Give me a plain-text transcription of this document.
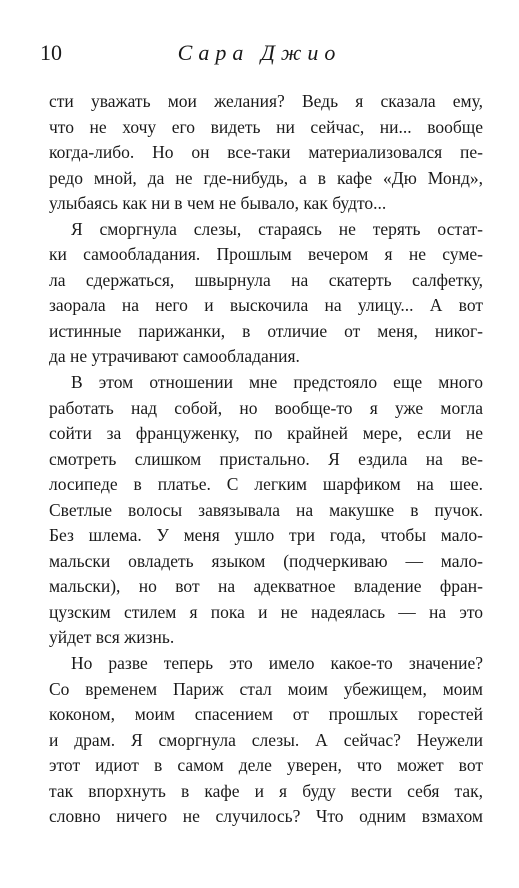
10	Сара Джио
сти уважать мои желания? Ведь я сказала ему,
что не хочу его видеть ни сейчас, ни... вообще
когда-либо. Но он все-таки материализовался пе-
редо мной, да не где-нибудь, а в кафе «Дю Монд»,
улыбаясь как ни в чем не бывало, как будто...
Я сморгнула слезы, стараясь не терять остат-
ки самообладания. Прошлым вечером я не суме-
ла сдержаться, швырнула на скатерть салфетку,
заорала на него и выскочила на улицу... А вот
истинные парижанки, в отличие от меня, никог-
да не утрачивают самообладания.
В этом отношении мне предстояло еще много
работать над собой, но вообще-то я уже могла
сойти за француженку, по крайней мере, если не
смотреть слишком пристально. Я ездила на ве-
лосипеде в платье. С легким шарфиком на шее.
Светлые волосы завязывала на макушке в пучок.
Без шлема. У меня ушло три года, чтобы мало-
мальски овладеть языком (подчеркиваю — мало-
мальски), но вот на адекватное владение фран-
цузским стилем я пока и не надеялась — на это
уйдет вся жизнь.
Но разве теперь это имело какое-то значение?
Со временем Париж стал моим убежищем, моим
коконом, моим спасением от прошлых горестей
и драм. Я сморгнула слезы. А сейчас? Неужели
этот идиот в самом деле уверен, что может вот
так впорхнуть в кафе и я буду вести себя так,
словно ничего не случилось? Что одним взмахом
